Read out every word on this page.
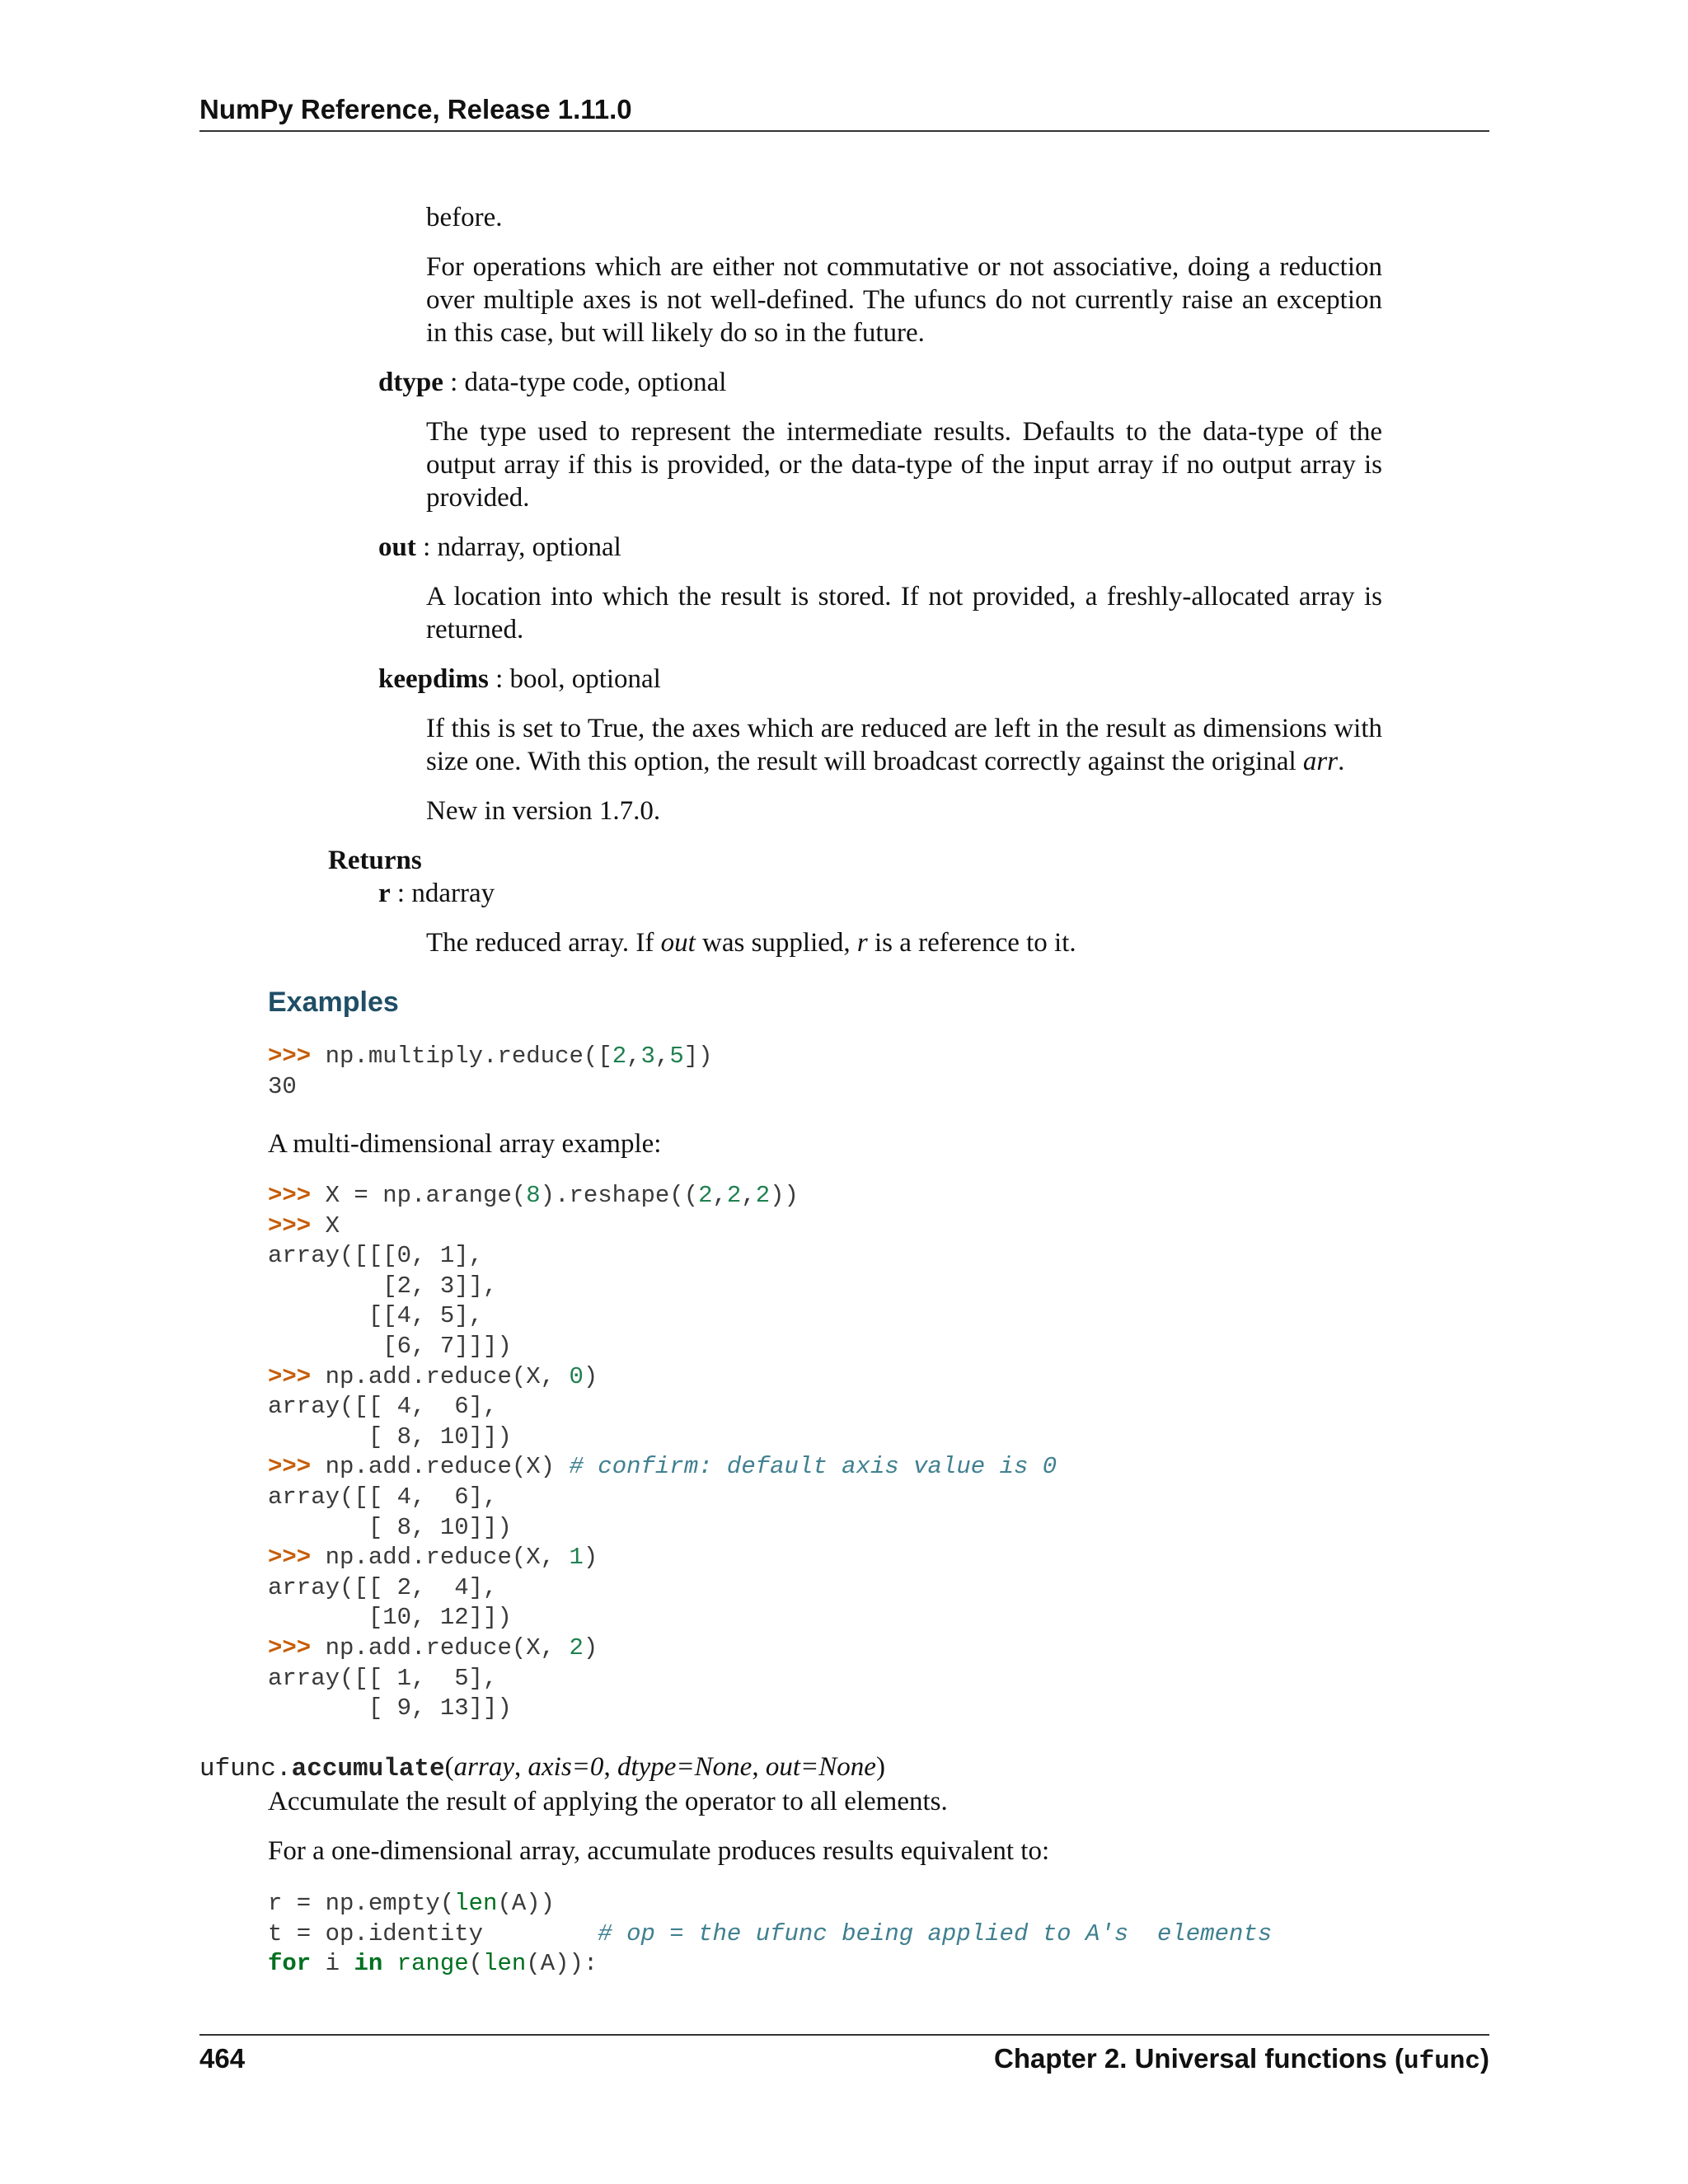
NumPy Reference, Release 1.11.0
before.

For operations which are either not commutative or not associative, doing a reduction over multiple axes is not well-defined. The ufuncs do not currently raise an exception in this case, but will likely do so in the future.

dtype : data-type code, optional

The type used to represent the intermediate results. Defaults to the data-type of the output array if this is provided, or the data-type of the input array if no output array is provided.

out : ndarray, optional

A location into which the result is stored. If not provided, a freshly-allocated array is returned.

keepdims : bool, optional

If this is set to True, the axes which are reduced are left in the result as dimensions with size one. With this option, the result will broadcast correctly against the original arr.

New in version 1.7.0.
Returns
r : ndarray
The reduced array. If out was supplied, r is a reference to it.
Examples
>>> np.multiply.reduce([2,3,5])
30
A multi-dimensional array example:
>>> X = np.arange(8).reshape((2,2,2))
>>> X
array([[[0, 1],
[2, 3]],
[[4, 5],
[6, 7]]])
>>> np.add.reduce(X, 0)
array([[ 4,  6],
[ 8, 10]])
>>> np.add.reduce(X) # confirm: default axis value is 0
array([[ 4,  6],
[ 8, 10]])
>>> np.add.reduce(X, 1)
array([[ 2,  4],
[10, 12]])
>>> np.add.reduce(X, 2)
array([[ 1,  5],
[ 9, 13]])
ufunc.accumulate(array, axis=0, dtype=None, out=None)
Accumulate the result of applying the operator to all elements.
For a one-dimensional array, accumulate produces results equivalent to:
r = np.empty(len(A))
t = op.identity	# op = the ufunc being applied to A's  elements
for i in range(len(A)):
464	Chapter 2. Universal functions (ufunc)
